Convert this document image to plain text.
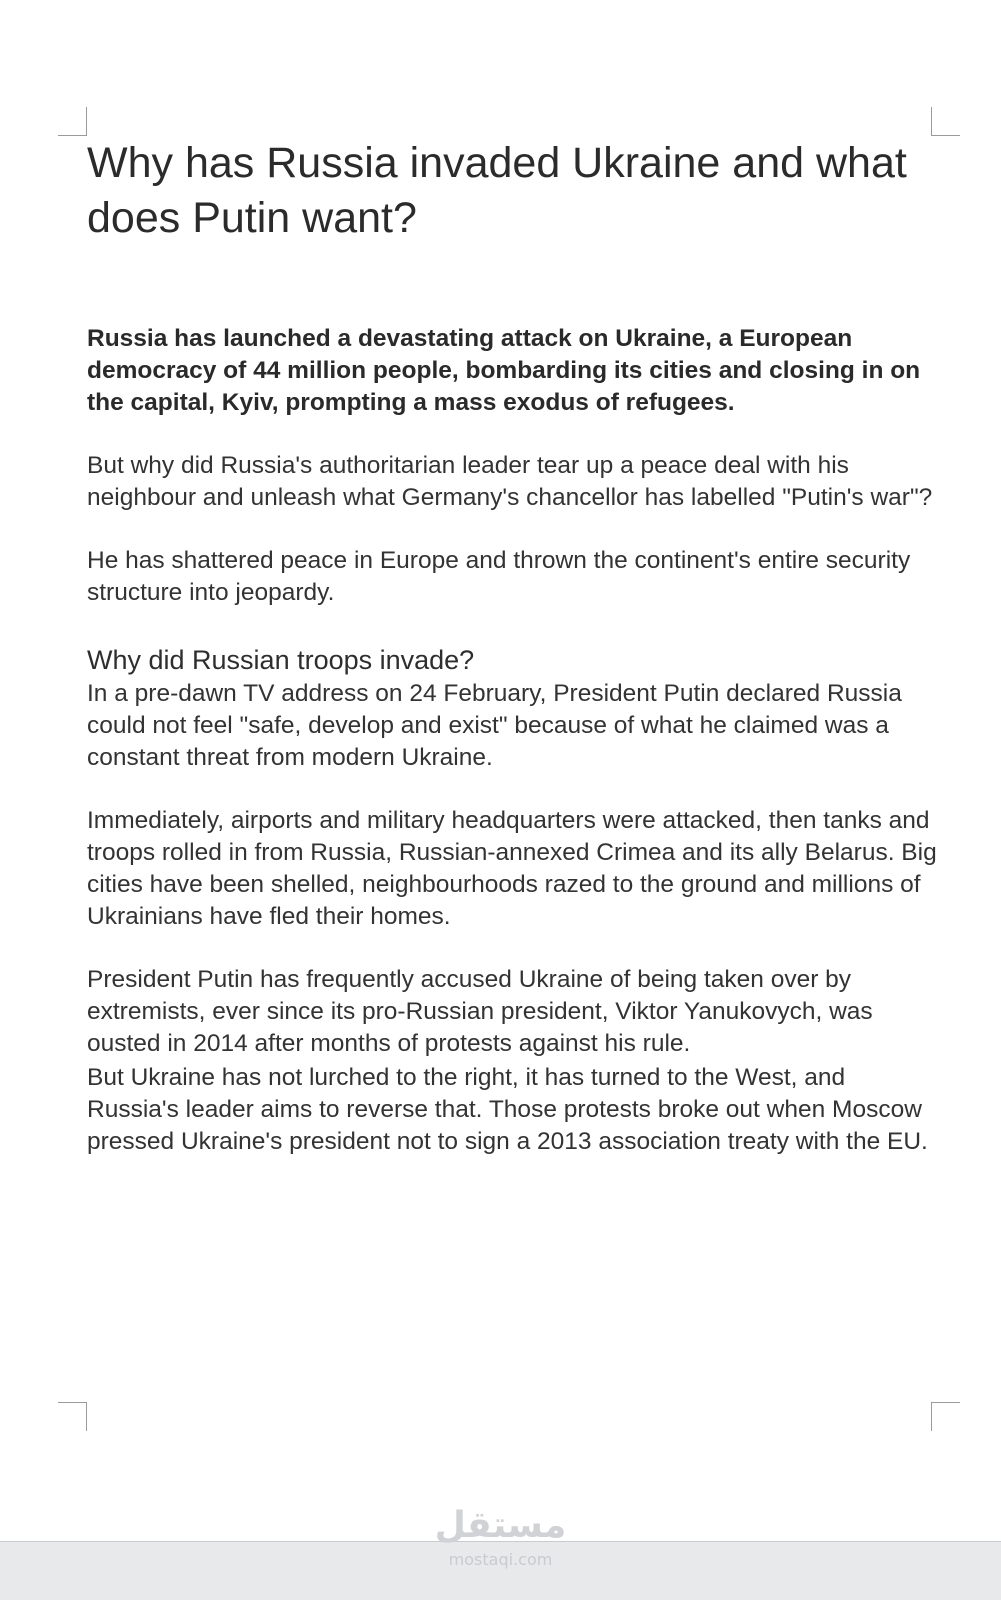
Why has Russia invaded Ukraine and what does Putin want?

Russia has launched a devastating attack on Ukraine, a European democracy of 44 million people, bombarding its cities and closing in on the capital, Kyiv, prompting a mass exodus of refugees.

But why did Russia's authoritarian leader tear up a peace deal with his neighbour and unleash what Germany's chancellor has labelled "Putin's war"?

He has shattered peace in Europe and thrown the continent's entire security structure into jeopardy.

Why did Russian troops invade?

In a pre-dawn TV address on 24 February, President Putin declared Russia could not feel "safe, develop and exist" because of what he claimed was a constant threat from modern Ukraine.

Immediately, airports and military headquarters were attacked, then tanks and troops rolled in from Russia, Russian-annexed Crimea and its ally Belarus. Big cities have been shelled, neighbourhoods razed to the ground and millions of Ukrainians have fled their homes.

President Putin has frequently accused Ukraine of being taken over by extremists, ever since its pro-Russian president, Viktor Yanukovych, was ousted in 2014 after months of protests against his rule.

But Ukraine has not lurched to the right, it has turned to the West, and Russia's leader aims to reverse that. Those protests broke out when Moscow pressed Ukraine's president not to sign a 2013 association treaty with the EU.

مستقل
mostaqi.com
